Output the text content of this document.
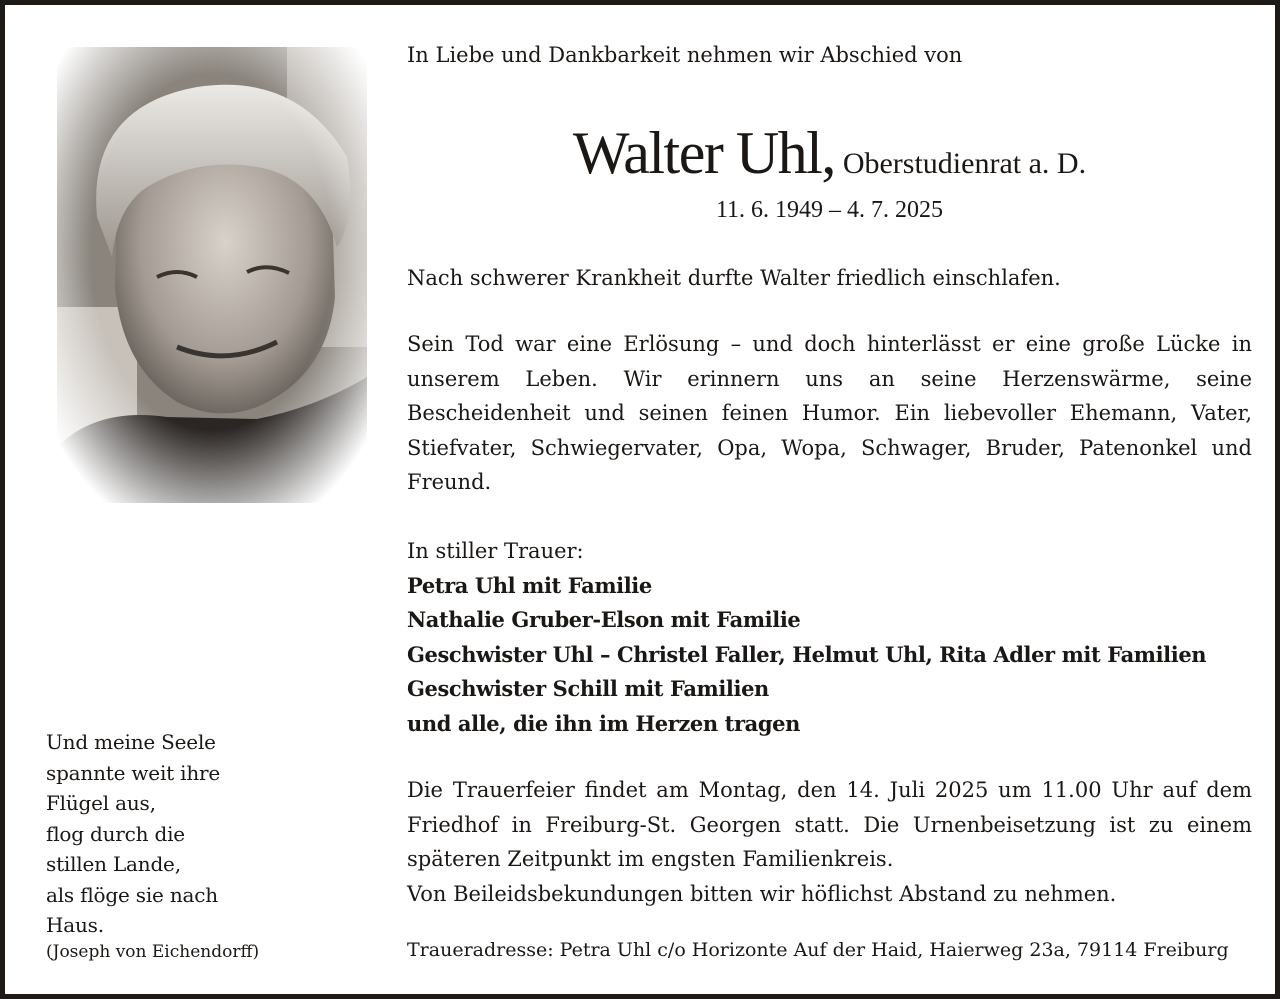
Und meine Seele
spannte weit ihre
Flügel aus,
flog durch die
stillen Lande,
als flöge sie nach
Haus.
(Joseph von Eichendorff)
In Liebe und Dankbarkeit nehmen wir Abschied von
Walter Uhl, Oberstudienrat a. D.
11. 6. 1949 – 4. 7. 2025
Nach schwerer Krankheit durfte Walter friedlich einschlafen.
Sein Tod war eine Erlösung – und doch hinterlässt er eine große Lücke in unserem Leben. Wir erinnern uns an seine Herzenswärme, seine Bescheidenheit und seinen feinen Humor. Ein liebevoller Ehemann, Vater, Stiefvater, Schwiegervater, Opa, Wopa, Schwager, Bruder, Patenonkel und Freund.
In stiller Trauer:
Petra Uhl mit Familie
Nathalie Gruber-Elson mit Familie
Geschwister Uhl – Christel Faller, Helmut Uhl, Rita Adler mit Familien
Geschwister Schill mit Familien
und alle, die ihn im Herzen tragen
Die Trauerfeier findet am Montag, den 14. Juli 2025 um 11.00 Uhr auf dem Friedhof in Freiburg-St. Georgen statt. Die Urnenbeisetzung ist zu einem späteren Zeitpunkt im engsten Familienkreis.
Von Beileidsbekundungen bitten wir höflichst Abstand zu nehmen.
Traueradresse: Petra Uhl c/o Horizonte Auf der Haid, Haierweg 23a, 79114 Freiburg
